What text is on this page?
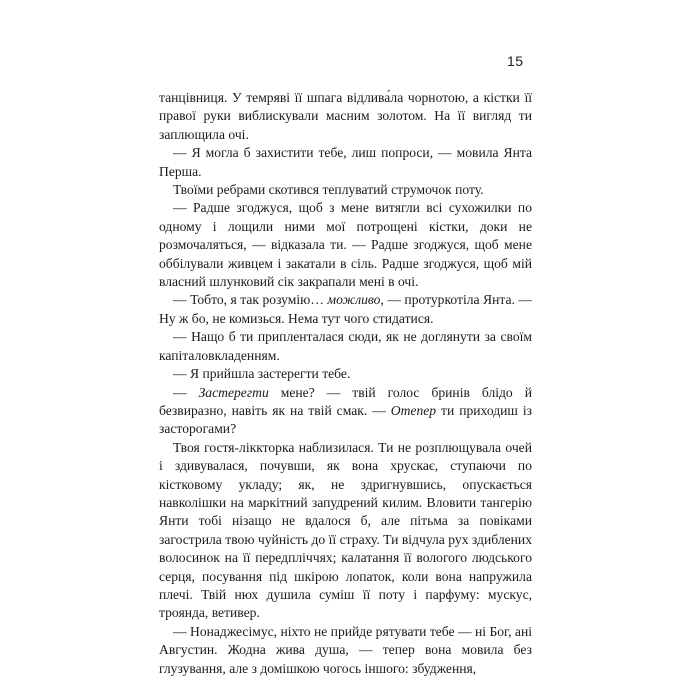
15

танцівниця. У темряві її шпага відлива́ла чорнотою, а кістки її правої руки виблискували масним золотом. На її вигляд ти заплющила очі.

— Я могла б захистити тебе, лиш попроси, — мовила Янта Перша.

Твоїми ребрами скотився теплуватий струмочок поту.

— Радше згоджуся, щоб з мене витягли всі сухожилки по одному і лощили ними мої потрощені кістки, доки не розмочаляться, — відказала ти. — Радше згоджуся, щоб мене оббілували живцем і закатали в сіль. Радше згоджуся, щоб мій власний шлунковий сік закрапали мені в очі.

— Тобто, я так розумію… можливо, — протуркотіла Янта. — Ну ж бо, не комизься. Нема тут чого стидатися.

— Нащо б ти припленталася сюди, як не доглянути за своїм капіталовкладенням.

— Я прийшла застерегти тебе.

— Застерегти мене? — твій голос бринів блідо й безвиразно, навіть як на твій смак. — Отепер ти приходиш із засторогами?

Твоя гостя-ліккторка наблизилася. Ти не розплющувала очей і здивувалася, почувши, як вона хрускає, ступаючи по кістковому укладу; як, не здригнувшись, опускається навколішки на маркітний запудрений килим. Вловити тангерію Янти тобі нізащо не вдалося б, але пітьма за повіками загострила твою чуйність до її страху. Ти відчула рух здиблених волосинок на її передпліччях; калатання її вологого людського серця, посування під шкірою лопаток, коли вона напружила плечі. Твій нюх душила суміш її поту і парфуму: мускус, троянда, ветивер.

— Нонаджесімус, ніхто не прийде рятувати тебе — ні Бог, ані Августин. Жодна жива душа, — тепер вона мовила без глузування, але з домішкою чогось іншого: збудження,
